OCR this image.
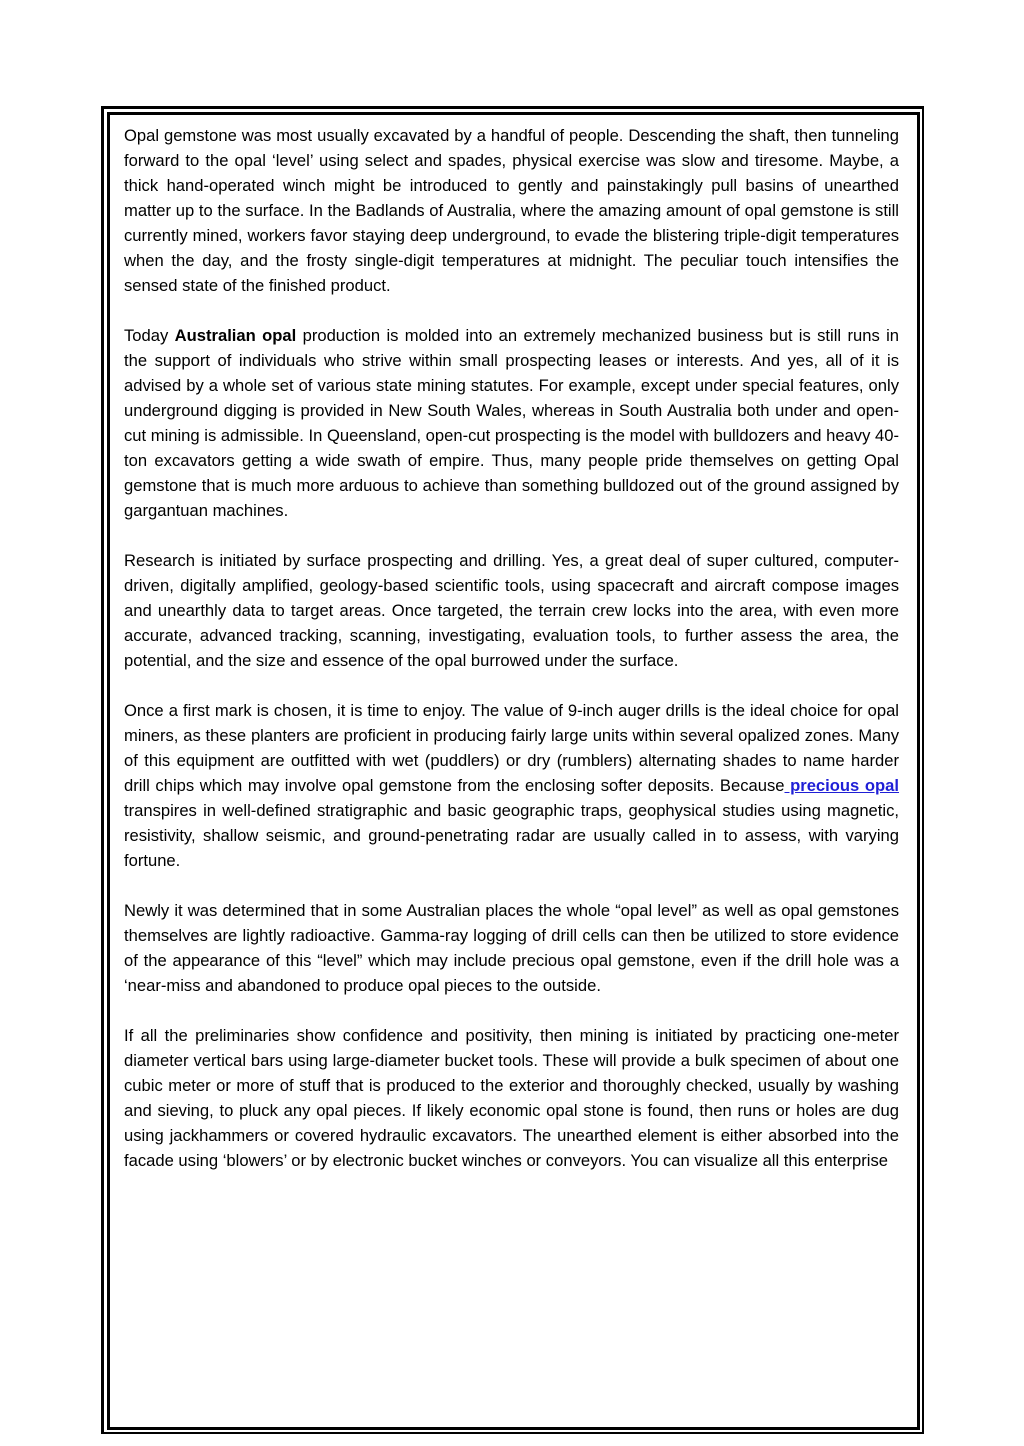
Opal gemstone was most usually excavated by a handful of people. Descending the shaft, then tunneling forward to the opal ‘level’ using select and spades, physical exercise was slow and tiresome. Maybe, a thick hand-operated winch might be introduced to gently and painstakingly pull basins of unearthed matter up to the surface. In the Badlands of Australia, where the amazing amount of opal gemstone is still currently mined, workers favor staying deep underground, to evade the blistering triple-digit temperatures when the day, and the frosty single-digit temperatures at midnight. The peculiar touch intensifies the sensed state of the finished product.

Today Australian opal production is molded into an extremely mechanized business but is still runs in the support of individuals who strive within small prospecting leases or interests. And yes, all of it is advised by a whole set of various state mining statutes. For example, except under special features, only underground digging is provided in New South Wales, whereas in South Australia both under and open-cut mining is admissible. In Queensland, open-cut prospecting is the model with bulldozers and heavy 40-ton excavators getting a wide swath of empire. Thus, many people pride themselves on getting Opal gemstone that is much more arduous to achieve than something bulldozed out of the ground assigned by gargantuan machines.

Research is initiated by surface prospecting and drilling. Yes, a great deal of super cultured, computer-driven, digitally amplified, geology-based scientific tools, using spacecraft and aircraft compose images and unearthly data to target areas. Once targeted, the terrain crew locks into the area, with even more accurate, advanced tracking, scanning, investigating, evaluation tools, to further assess the area, the potential, and the size and essence of the opal burrowed under the surface.

Once a first mark is chosen, it is time to enjoy. The value of 9-inch auger drills is the ideal choice for opal miners, as these planters are proficient in producing fairly large units within several opalized zones. Many of this equipment are outfitted with wet (puddlers) or dry (rumblers) alternating shades to name harder drill chips which may involve opal gemstone from the enclosing softer deposits. Because precious opal transpires in well-defined stratigraphic and basic geographic traps, geophysical studies using magnetic, resistivity, shallow seismic, and ground-penetrating radar are usually called in to assess, with varying fortune.

Newly it was determined that in some Australian places the whole “opal level” as well as opal gemstones themselves are lightly radioactive. Gamma-ray logging of drill cells can then be utilized to store evidence of the appearance of this “level” which may include precious opal gemstone, even if the drill hole was a ‘near-miss and abandoned to produce opal pieces to the outside.

If all the preliminaries show confidence and positivity, then mining is initiated by practicing one-meter diameter vertical bars using large-diameter bucket tools. These will provide a bulk specimen of about one cubic meter or more of stuff that is produced to the exterior and thoroughly checked, usually by washing and sieving, to pluck any opal pieces. If likely economic opal stone is found, then runs or holes are dug using jackhammers or covered hydraulic excavators. The unearthed element is either absorbed into the facade using ‘blowers’ or by electronic bucket winches or conveyors. You can visualize all this enterprise
